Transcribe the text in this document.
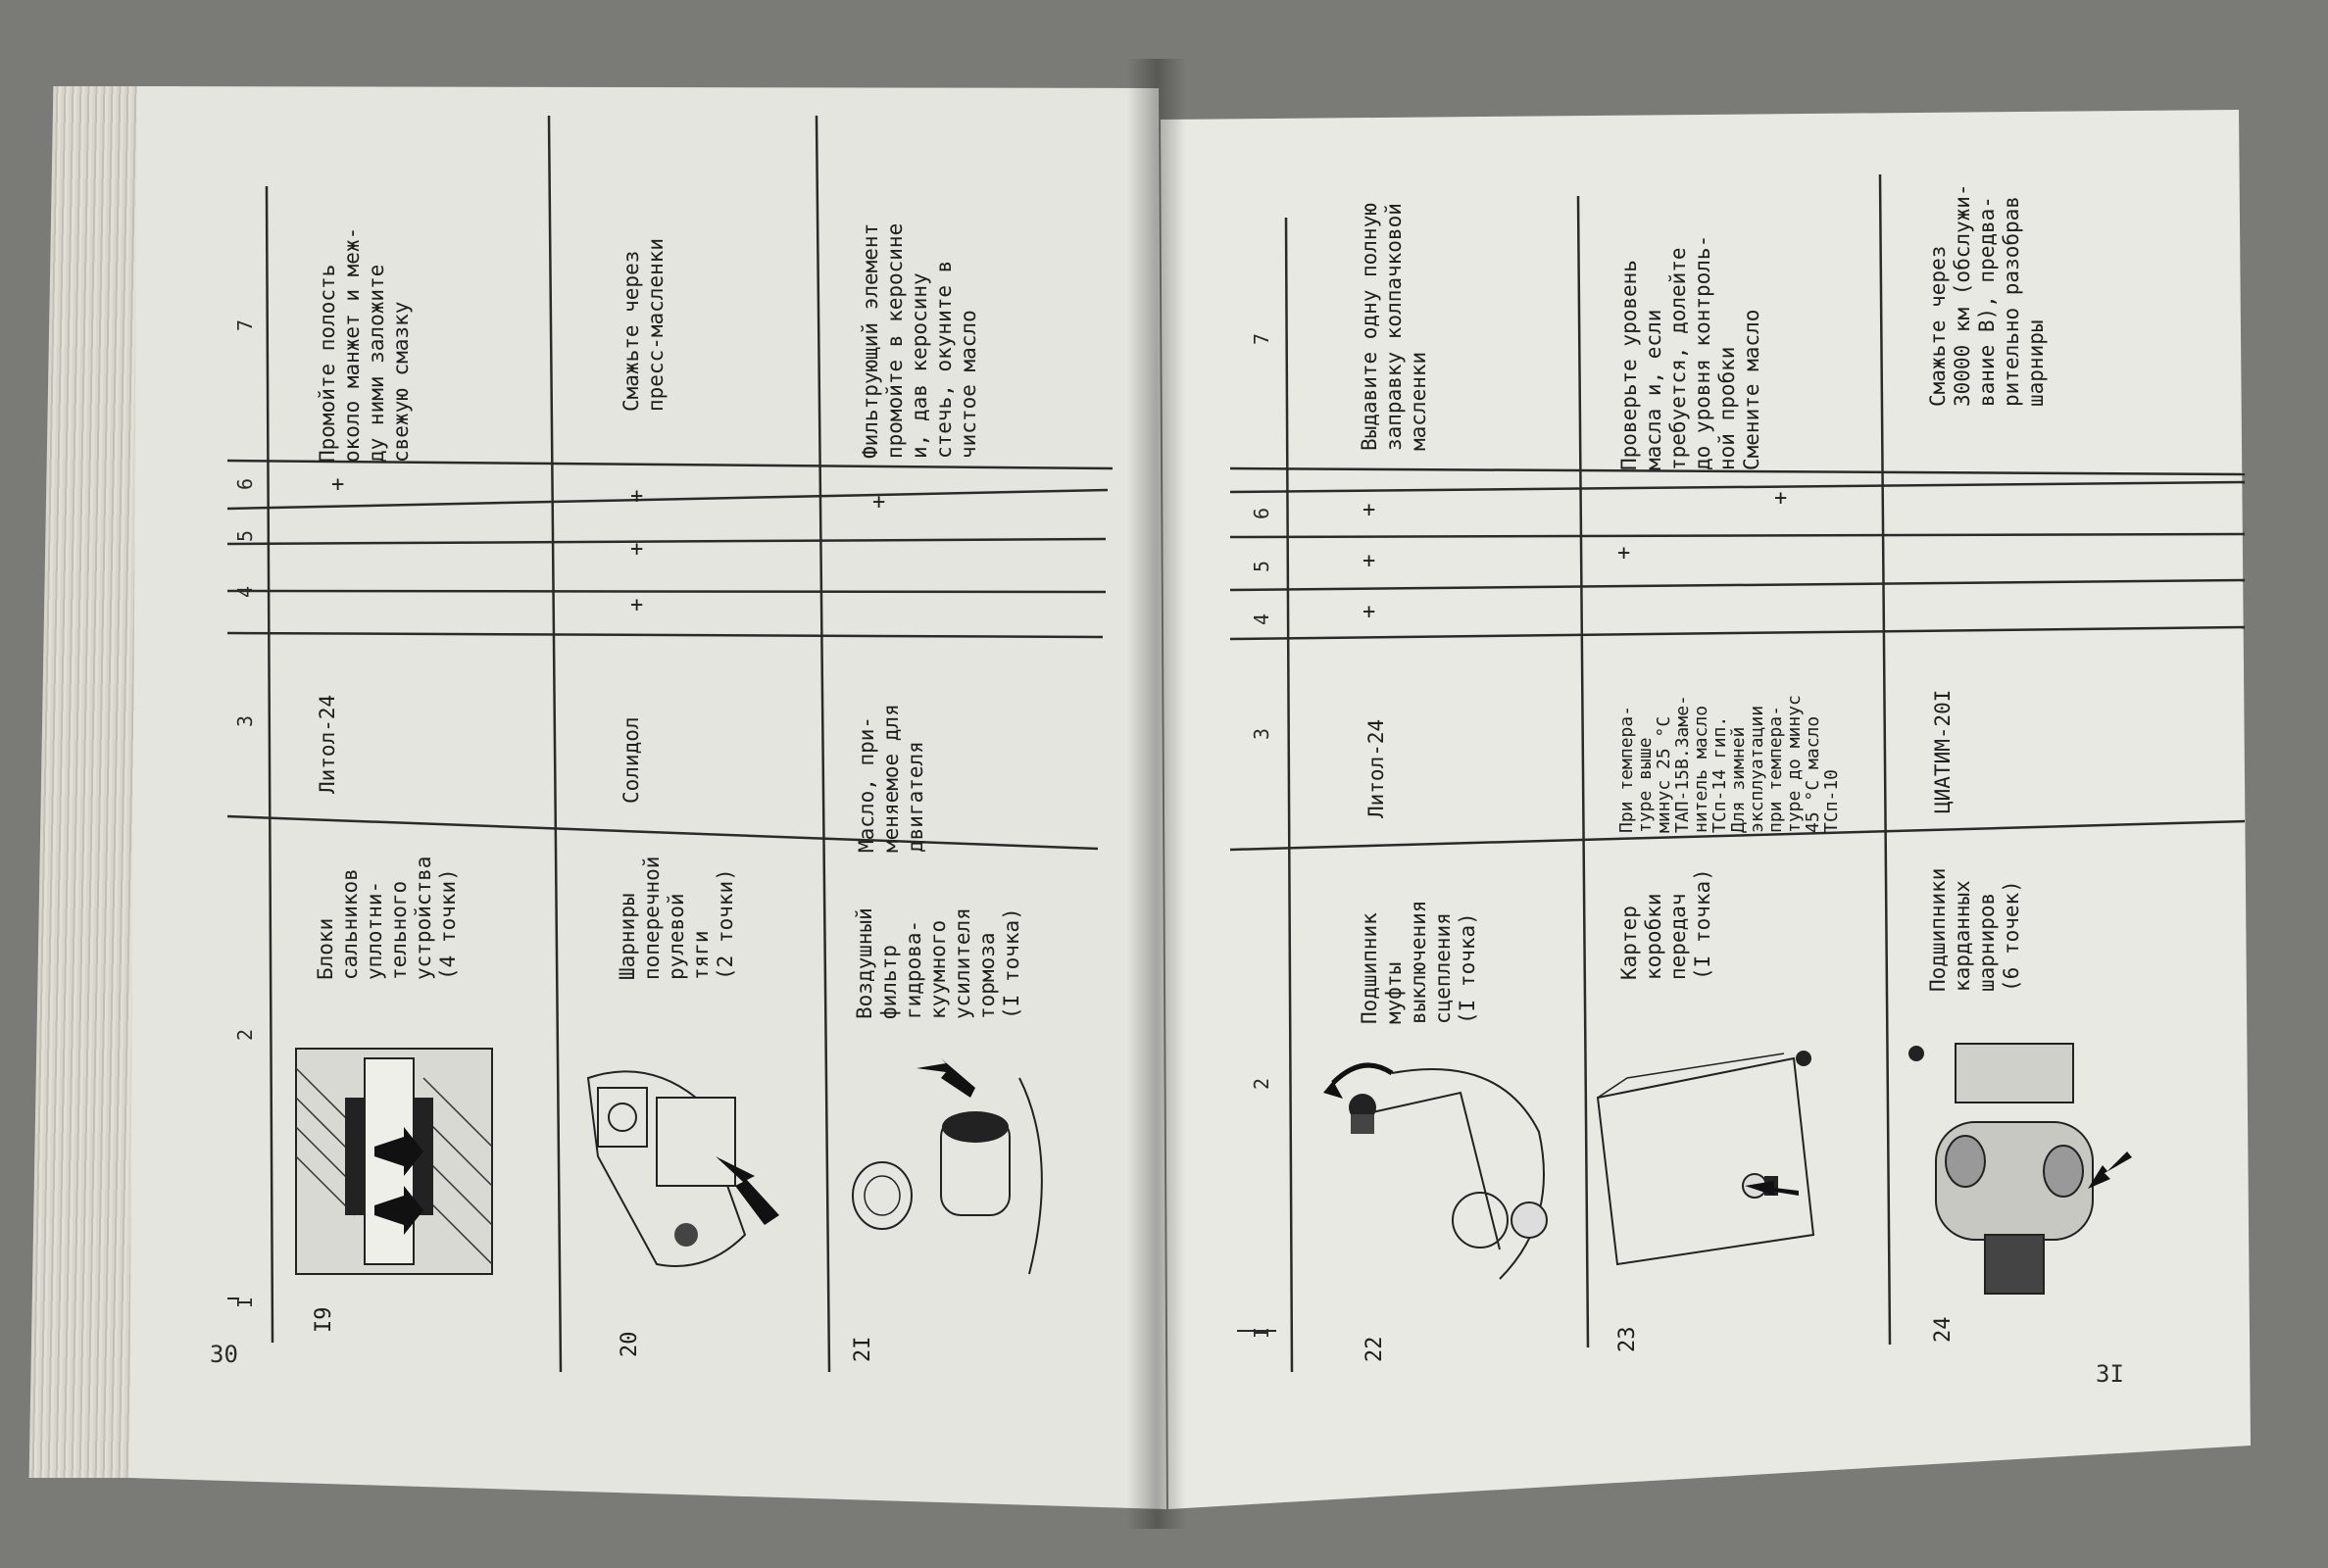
30
I
2
3
4
5
6
7
I9
Блоки
сальников
уплотни-
тельного
устройства
(4 точки)
Литол-24
+
Промойте полость
около манжет и меж-
ду ними заложите
свежую смазку
20
Шарниры
поперечной
рулевой
тяги
(2 точки)
Солидол
+
+
+
Смажьте через
пресс-масленки
2I
Воздушный
фильтр
гидрова-
куумного
усилителя
тормоза
(I точка)
Масло, при-
меняемое для
двигателя
+
Фильтрующий элемент
промойте в керосине
и, дав керосину
стечь, окуните в
чистое масло
3I
I
2
3
4
5
6
7
22
Подшипник
муфты
выключения
сцепления
(I точка)
Литол-24
+
+
+
Выдавите одну полную
заправку колпачковой
масленки
23
Картер
коробки
передач
(I точка)
При темпера-
туре выше
минус 25 °С
ТАП-15В.Заме-
нитель масло
ТСп-14 гип.
Для зимней
эксплуатации
при темпера-
туре до минус
45 °С масло
ТСп-10
+
+
Проверьте уровень
масла и, если
требуется, долейте
до уровня контроль-
ной пробки
Смените масло
24
Подшипники
карданных
шарниров
(6 точек)
ЦИАТИМ-20I
Смажьте через
30000 км (обслужи-
вание В), предва-
рительно разобрав
шарниры
